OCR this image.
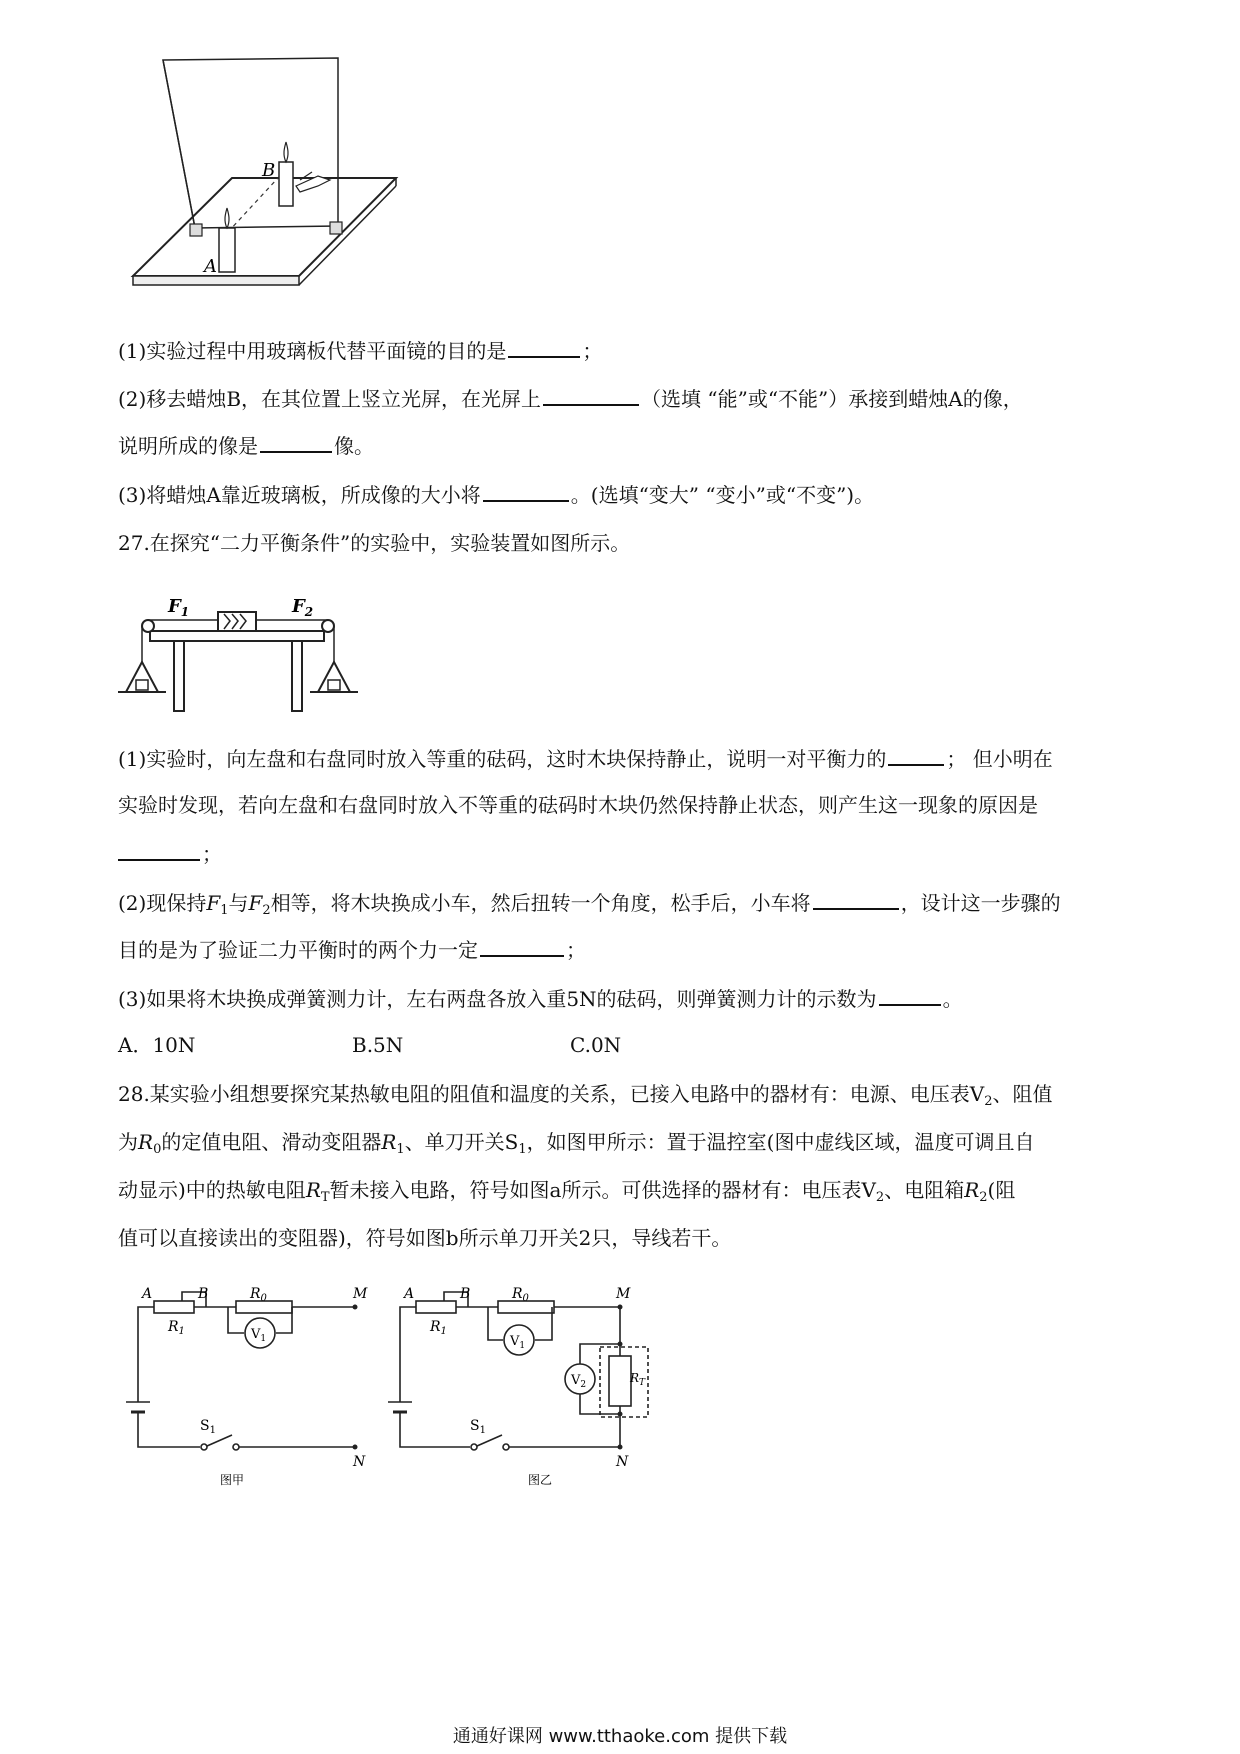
A
B
(1)实验过程中用玻璃板代替平面镜的目的是	；
(2)移去蜡烛B，在其位置上竖立光屏，在光屏上	（选填 “能”或“不能”）承接到蜡烛A的像，
说明所成的像是	像。
(3)将蜡烛A靠近玻璃板，所成像的大小将	。(选填“变大” “变小”或“不变”)。
27.在探究“二力平衡条件”的实验中，实验装置如图所示。
$F_1$	$F_2$
(1)实验时，向左盘和右盘同时放入等重的砝码，这时木块保持静止，说明一对平衡力的	； 但小明在
实验时发现，若向左盘和右盘同时放入不等重的砝码时木块仍然保持静止状态，则产生这一现象的原因是
；
(2)现保持$F_1$与$F_2$相等，将木块换成小车，然后扭转一个角度，松手后，小车将	，设计这一步骤的
目的是为了验证二力平衡时的两个力一定	；
(3)如果将木块换成弹簧测力计，左右两盘各放入重5N的砝码，则弹簧测力计的示数为	。
A．10N	B.5N	C.0N
28.某实验小组想要探究某热敏电阻的阻值和温度的关系，已接入电路中的器材有：电源、电压表$V_2$、阻值
为$R_0$的定值电阻、滑动变阻器$R_1$、单刀开关$S_1$，如图甲所示：置于温控室(图中虚线区域，温度可调且自
动显示)中的热敏电阻$R_T$暂未接入电路，符号如图a所示。可供选择的器材有：电压表$V_2$、电阻箱$R_2$(阻
值可以直接读出的变阻器)，符号如图b所示单刀开关2只，导线若干。
A	B
$R_1$
$R_0$
$V_1$
$S_1$
M
N
图甲
A	B
$R_1$
$R_0$
$V_1$
$V_2$	$R_T$
$S_1$
M
N
图乙
通通好课网 www.tthaoke.com 提供下载
